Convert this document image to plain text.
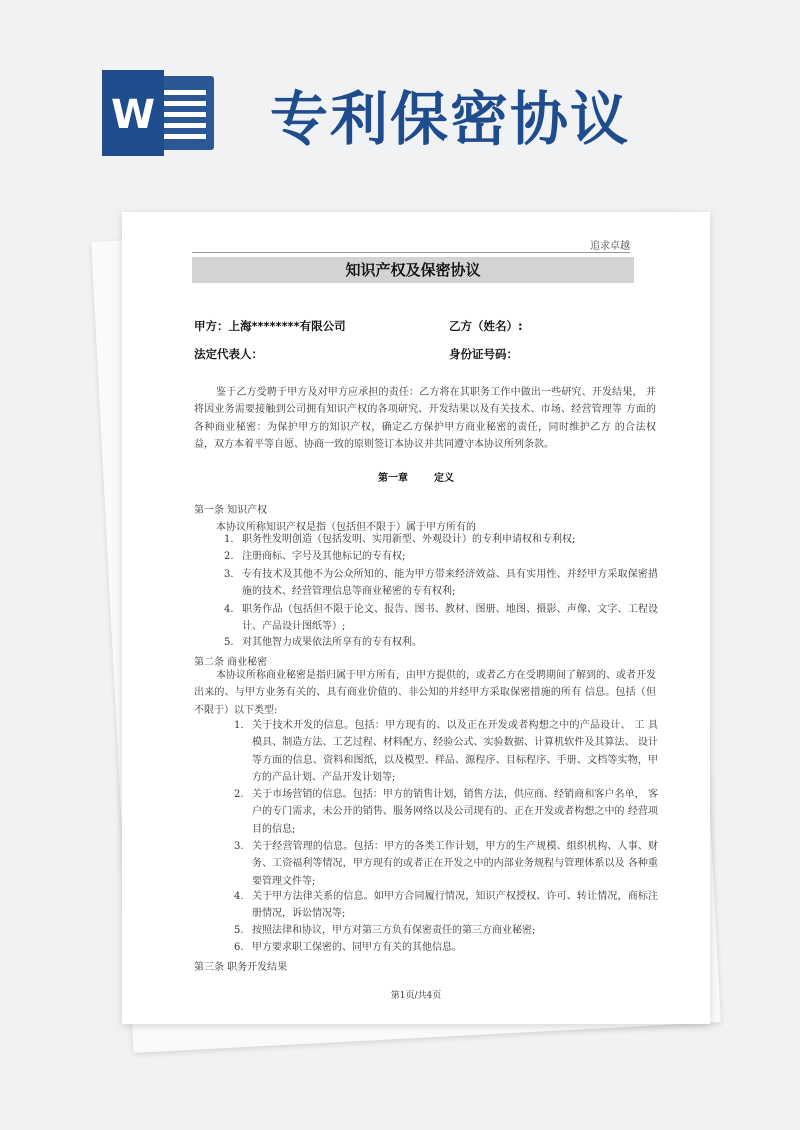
W 专利保密协议
追求卓越
知识产权及保密协议
甲方：上海********有限公司	乙方（姓名）:
法定代表人：	身份证号码：
鉴于乙方受聘于甲方及对甲方应承担的责任：乙方将在其职务工作中做出一些研究、开发结果， 并将因业务需要接触到公司拥有知识产权的各项研究、开发结果以及有关技术、市场、经营管理等 方面的各种商业秘密：为保护甲方的知识产权，确定乙方保护甲方商业秘密的责任，同时维护乙方 的合法权益，双方本着平等自愿、协商一致的原则签订本协议并共同遵守本协议所列条款。
第一章	定义
第一条 知识产权
本协议所称知识产权是指（包括但不限于）属于甲方所有的
1. 职务性发明创造（包括发明、实用新型、外观设计）的专利申请权和专利权;
2. 注册商标、字号及其他标记的专有权;
3. 专有技术及其他不为公众所知的、能为甲方带来经济效益、具有实用性、并经甲方采取保密措施的技术、经营管理信息等商业秘密的专有权利;
4. 职务作品（包括但不限于论文、报告、图书、教材、图册、地图、摄影、声像、文字、工程设计、产品设计图纸等）;
5. 对其他智力成果依法所享有的专有权利。
第二条 商业秘密
本协议所称商业秘密是指归属于甲方所有，由甲方提供的，或者乙方在受聘期间了解到的、或者开发出来的、与甲方业务有关的、具有商业价值的、非公知的并经甲方采取保密措施的所有 信息。包括（但不限于）以下类型:
1. 关于技术开发的信息。包括：甲方现有的、以及正在开发或者构想之中的产品设计、 工 具模具、制造方法、工艺过程、材料配方、经验公式、实验数据、计算机软件及其算法、 设计等方面的信息、资料和图纸，以及模型、样品、源程序、目标程序、手册、文档等实物，甲方的产品计划、产品开发计划等;
2. 关于市场营销的信息。包括：甲方的销售计划，销售方法，供应商、经销商和客户名单， 客户的专门需求，未公开的销售、服务网络以及公司现有的、正在开发或者构想之中的 经营项目的信息;
3. 关于经营管理的信息。包括：甲方的各类工作计划，甲方的生产规模、组织机构、人事、财务、工资福利等情况，甲方现有的或者正在开发之中的内部业务规程与管理体系以及 各种重要管理文件等;
4. 关于甲方法律关系的信息。如甲方合同履行情况，知识产权授权、许可、转让情况，商标注册情况，诉讼情况等;
5. 按照法律和协议，甲方对第三方负有保密责任的第三方商业秘密;
6. 甲方要求职工保密的、同甲方有关的其他信息。
第三条 职务开发结果
第1页/共4页
